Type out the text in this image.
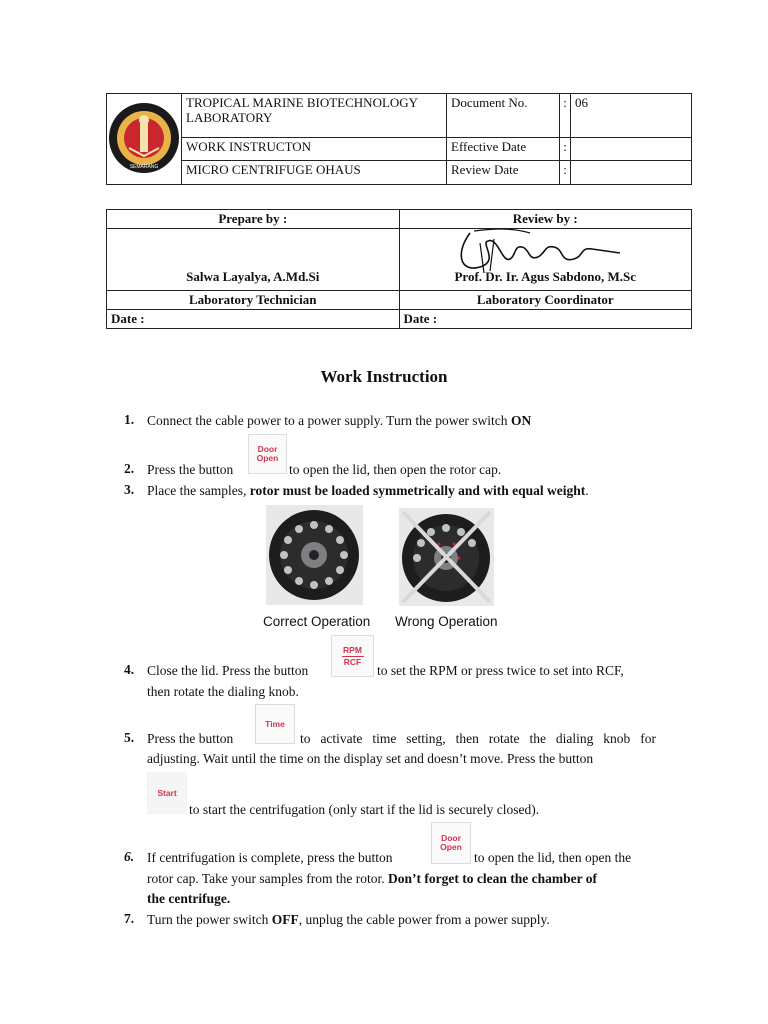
SEMARANG	TROPICAL MARINE BIOTECHNOLOGY LABORATORY	Document No.	:	06
	WORK INSTRUCTON	Effective Date	:	
	MICRO CENTRIFUGE OHAUS	Review Date	:	
Prepare by :	Review by :
Salwa Layalya, A.Md.Si	Prof. Dr. Ir. Agus Sabdono, M.Sc
Laboratory Technician	Laboratory Coordinator
Date :	Date :
Work Instruction
1. Connect the cable power to a power supply. Turn the power switch ON
Door
Open
2. Press the button	to open the lid, then open the rotor cap.
3. Place the samples, rotor must be loaded symmetrically and with equal weight.
Correct Operation Wrong Operation
RPM
RCF
4. Close the lid. Press the button	to set the RPM or press twice to set into RCF,
then rotate the dialing knob.
Time
5. Press the button	to activate time setting, then rotate the dialing knob for
adjusting. Wait until the time on the display set and doesn’t move. Press the button
Start
to start the centrifugation (only start if the lid is securely closed).
Door
Open
6. If centrifugation is complete, press the button	to open the lid, then open the
rotor cap. Take your samples from the rotor. Don’t forget to clean the chamber of
the centrifuge.
7. Turn the power switch OFF, unplug the cable power from a power supply.
